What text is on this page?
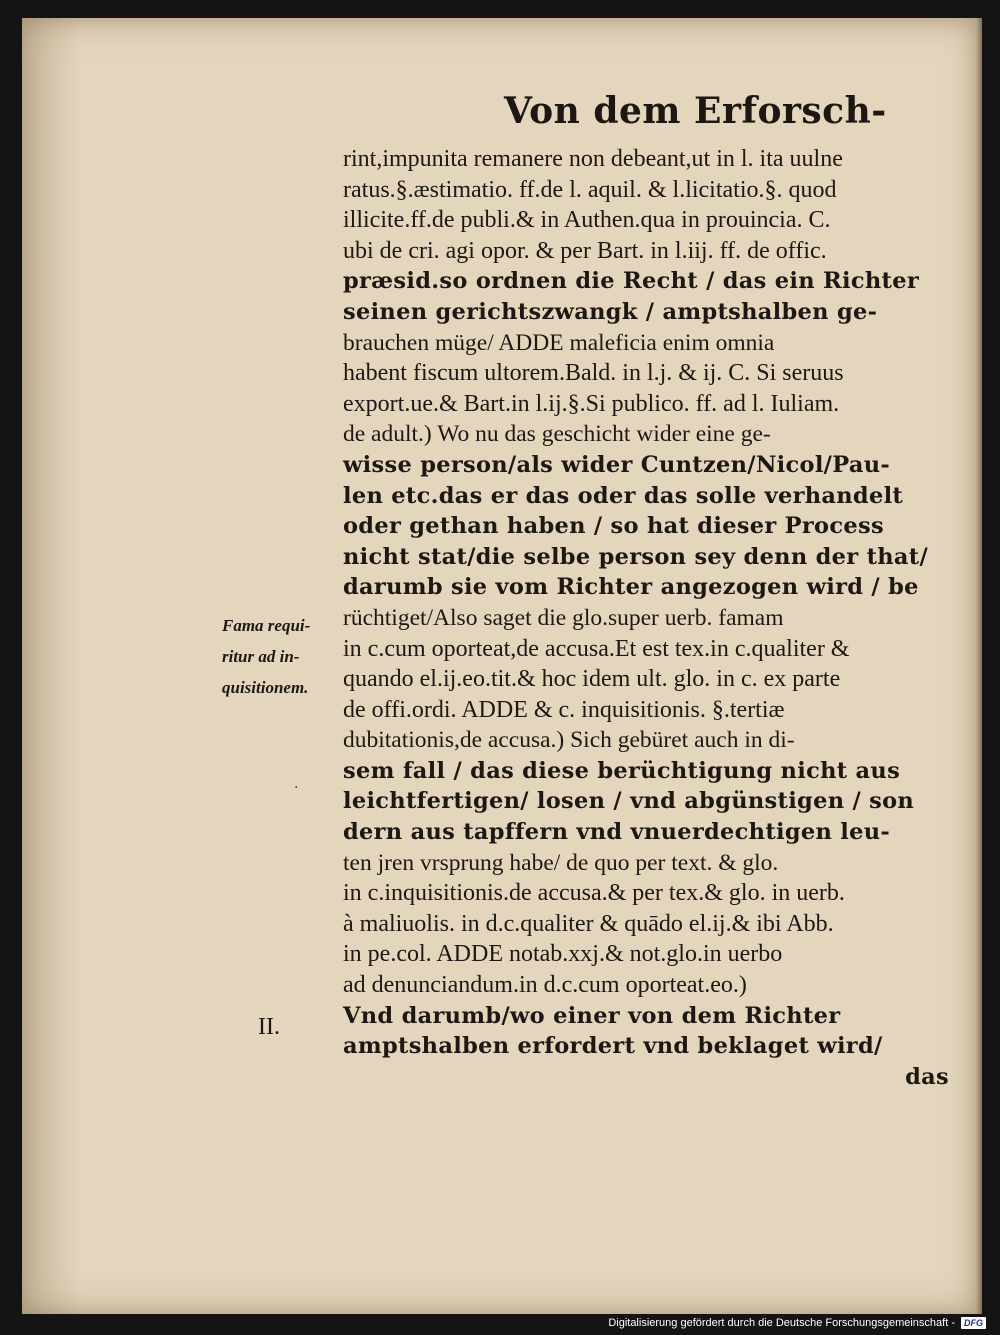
Von dem Erforsch-
Fama requi-
ritur ad in-
quisitionem.
·
II.
rint,impunita remanere non debeant,ut in l. ita uulne
ratus.§.æstimatio. ff.de l. aquil. & l.licitatio.§. quod
illicite.ff.de publi.& in Authen.qua in prouincia. C.
ubi de cri. agi opor. & per Bart. in l.iij. ff. de offic.
præsid.so ordnen die Recht / das ein Richter
seinen gerichtszwangk / amptshalben ge-
brauchen müge/ ADDE maleficia enim omnia
habent fiscum ultorem.Bald. in l.j. & ij. C. Si seruus
export.ue.& Bart.in l.ij.§.Si publico. ff. ad l. Iuliam.
de adult.) Wo nu das geschicht wider eine ge-
wisse person/als wider Cuntzen/Nicol/Pau-
len etc.das er das oder das solle verhandelt
oder gethan haben / so hat dieser Process
nicht stat/die selbe person sey denn der that/
darumb sie vom Richter angezogen wird / be
rüchtiget/Also saget die glo.super uerb. famam
in c.cum oporteat,de accusa.Et est tex.in c.qualiter &
quando el.ij.eo.tit.& hoc idem ult. glo. in c. ex parte
de offi.ordi. ADDE & c. inquisitionis. §.tertiæ
dubitationis,de accusa.) Sich gebüret auch in di-
sem fall / das diese berüchtigung nicht aus
leichtfertigen/ losen / vnd abgünstigen / son
dern aus tapffern vnd vnuerdechtigen leu-
ten jren vrsprung habe/ de quo per text. & glo.
in c.inquisitionis.de accusa.& per tex.& glo. in uerb.
à maliuolis. in d.c.qualiter & quādo el.ij.& ibi Abb.
in pe.col. ADDE notab.xxj.& not.glo.in uerbo
ad denunciandum.in d.c.cum oporteat.eo.)
Vnd darumb/wo einer von dem Richter
amptshalben erfordert vnd beklaget wird/
das
Digitalisierung gefördert durch die Deutsche Forschungsgemeinschaft -	DFG
